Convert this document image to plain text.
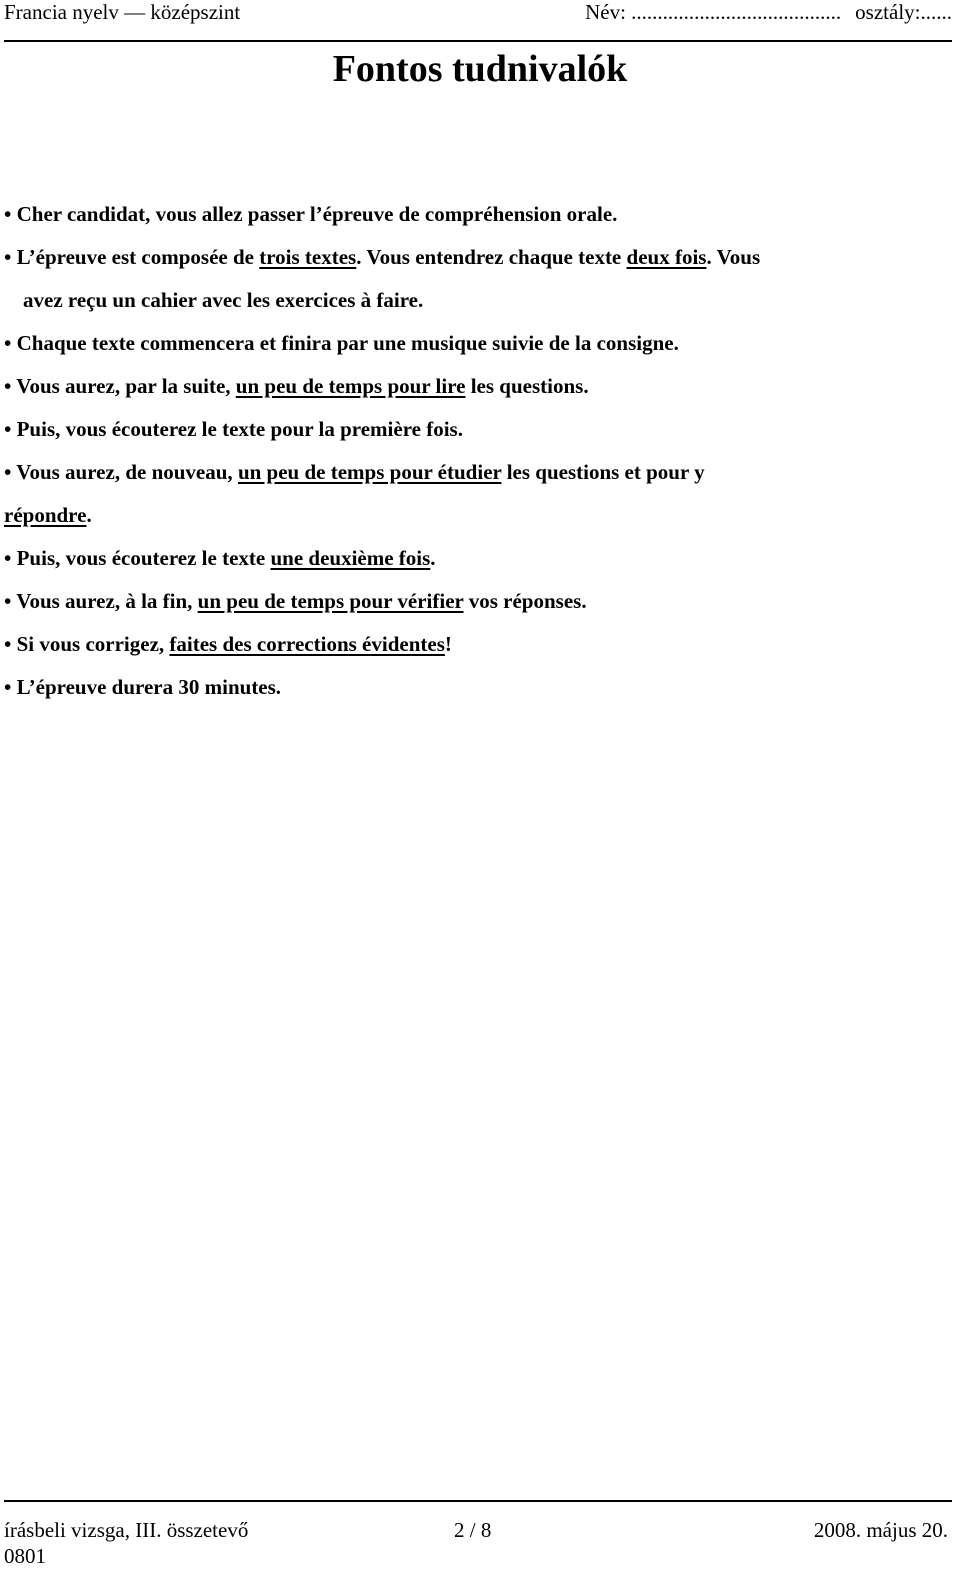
Francia nyelv — középszint	Név: ........................................ osztály:......
Fontos tudnivalók
• Cher candidat, vous allez passer l’épreuve de compréhension orale.
• L’épreuve est composée de trois textes. Vous entendrez chaque texte deux fois. Vous
avez reçu un cahier avec les exercices à faire.
• Chaque texte commencera et finira par une musique suivie de la consigne.
• Vous aurez, par la suite, un peu de temps pour lire les questions.
• Puis, vous écouterez le texte pour la première fois.
• Vous aurez, de nouveau, un peu de temps pour étudier les questions et pour y
répondre.
• Puis, vous écouterez le texte une deuxième fois.
• Vous aurez, à la fin, un peu de temps pour vérifier vos réponses.
• Si vous corrigez, faites des corrections évidentes!
• L’épreuve durera 30 minutes.
írásbeli vizsga, III. összetevő	2 / 8	2008. május 20.
0801
